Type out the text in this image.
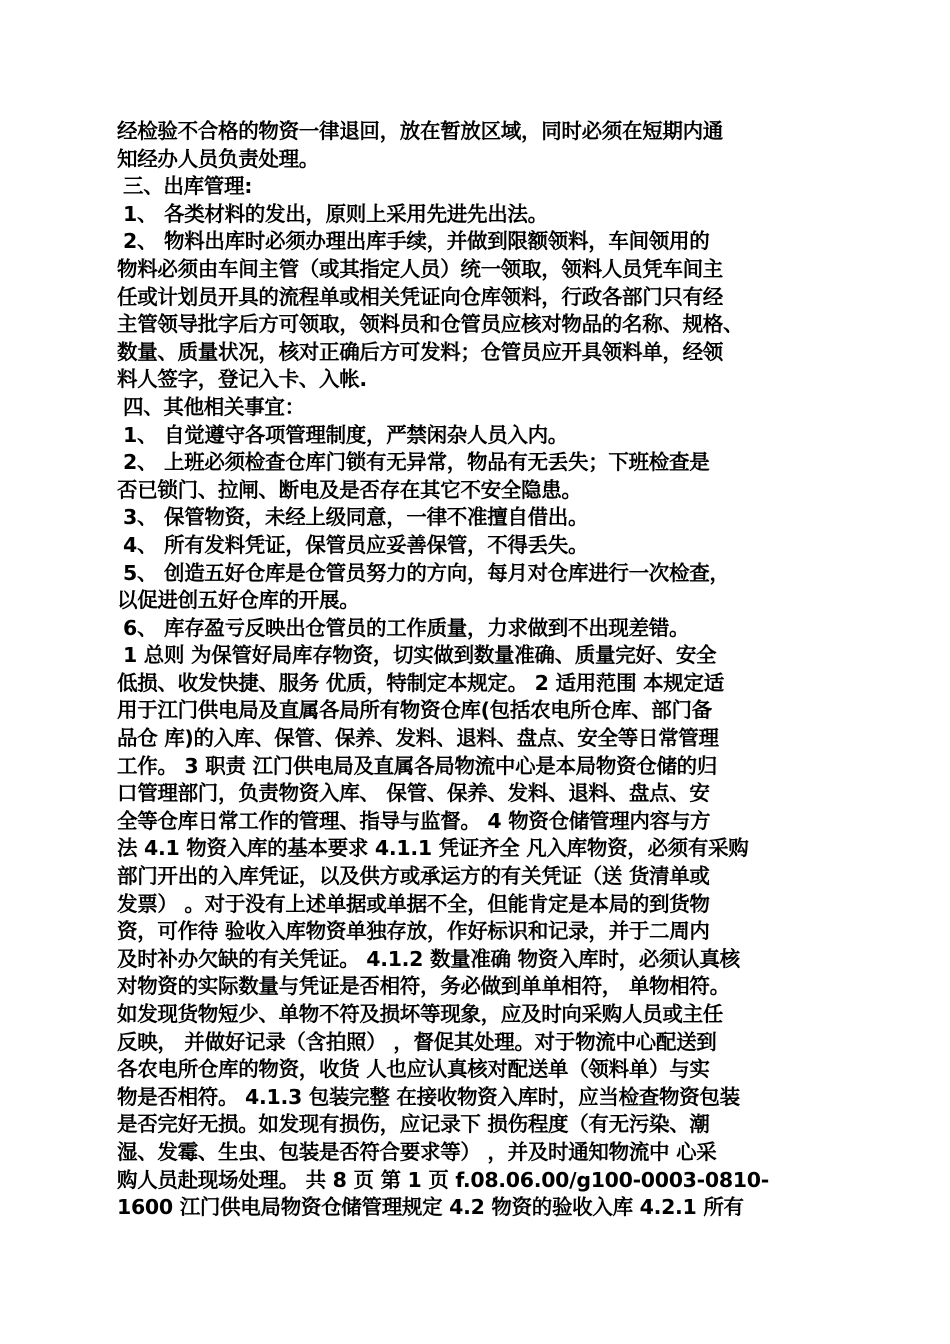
经检验不合格的物资一律退回，放在暂放区域，同时必须在短期内通
知经办人员负责处理。
三、出库管理:
1、 各类材料的发出，原则上采用先进先出法。
2、 物料出库时必须办理出库手续，并做到限额领料，车间领用的
物料必须由车间主管（或其指定人员）统一领取，领料人员凭车间主
任或计划员开具的流程单或相关凭证向仓库领料，行政各部门只有经
主管领导批字后方可领取，领料员和仓管员应核对物品的名称、规格、
数量、质量状况，核对正确后方可发料；仓管员应开具领料单，经领
料人签字，登记入卡、入帐.
四、其他相关事宜：
1、 自觉遵守各项管理制度，严禁闲杂人员入内。
2、 上班必须检查仓库门锁有无异常，物品有无丢失；下班检查是
否已锁门、拉闸、断电及是否存在其它不安全隐患。
3、 保管物资，未经上级同意，一律不准擅自借出。
4、 所有发料凭证，保管员应妥善保管，不得丢失。
5、 创造五好仓库是仓管员努力的方向，每月对仓库进行一次检查，
以促进创五好仓库的开展。
6、 库存盈亏反映出仓管员的工作质量，力求做到不出现差错。
1 总则 为保管好局库存物资，切实做到数量准确、质量完好、安全
低损、收发快捷、服务 优质，特制定本规定。 2 适用范围 本规定适
用于江门供电局及直属各局所有物资仓库(包括农电所仓库、部门备
品仓 库)的入库、保管、保养、发料、退料、盘点、安全等日常管理
工作。 3 职责 江门供电局及直属各局物流中心是本局物资仓储的归
口管理部门，负责物资入库、 保管、保养、发料、退料、盘点、安
全等仓库日常工作的管理、指导与监督。 4 物资仓储管理内容与方
法 4.1 物资入库的基本要求 4.1.1 凭证齐全 凡入库物资，必须有采购
部门开出的入库凭证，以及供方或承运方的有关凭证（送 货清单或
发票） 。对于没有上述单据或单据不全，但能肯定是本局的到货物
资，可作待 验收入库物资单独存放，作好标识和记录，并于二周内
及时补办欠缺的有关凭证。 4.1.2 数量准确 物资入库时，必须认真核
对物资的实际数量与凭证是否相符，务必做到单单相符， 单物相符。
如发现货物短少、单物不符及损坏等现象，应及时向采购人员或主任
反映， 并做好记录（含拍照） ，督促其处理。对于物流中心配送到
各农电所仓库的物资，收货 人也应认真核对配送单（领料单）与实
物是否相符。 4.1.3 包装完整 在接收物资入库时，应当检查物资包装
是否完好无损。如发现有损伤，应记录下 损伤程度（有无污染、潮
湿、发霉、生虫、包装是否符合要求等） ，并及时通知物流中 心采
购人员赴现场处理。 共 8 页 第 1 页 f.08.06.00/g100-0003-0810-
1600 江门供电局物资仓储管理规定 4.2 物资的验收入库 4.2.1 所有
